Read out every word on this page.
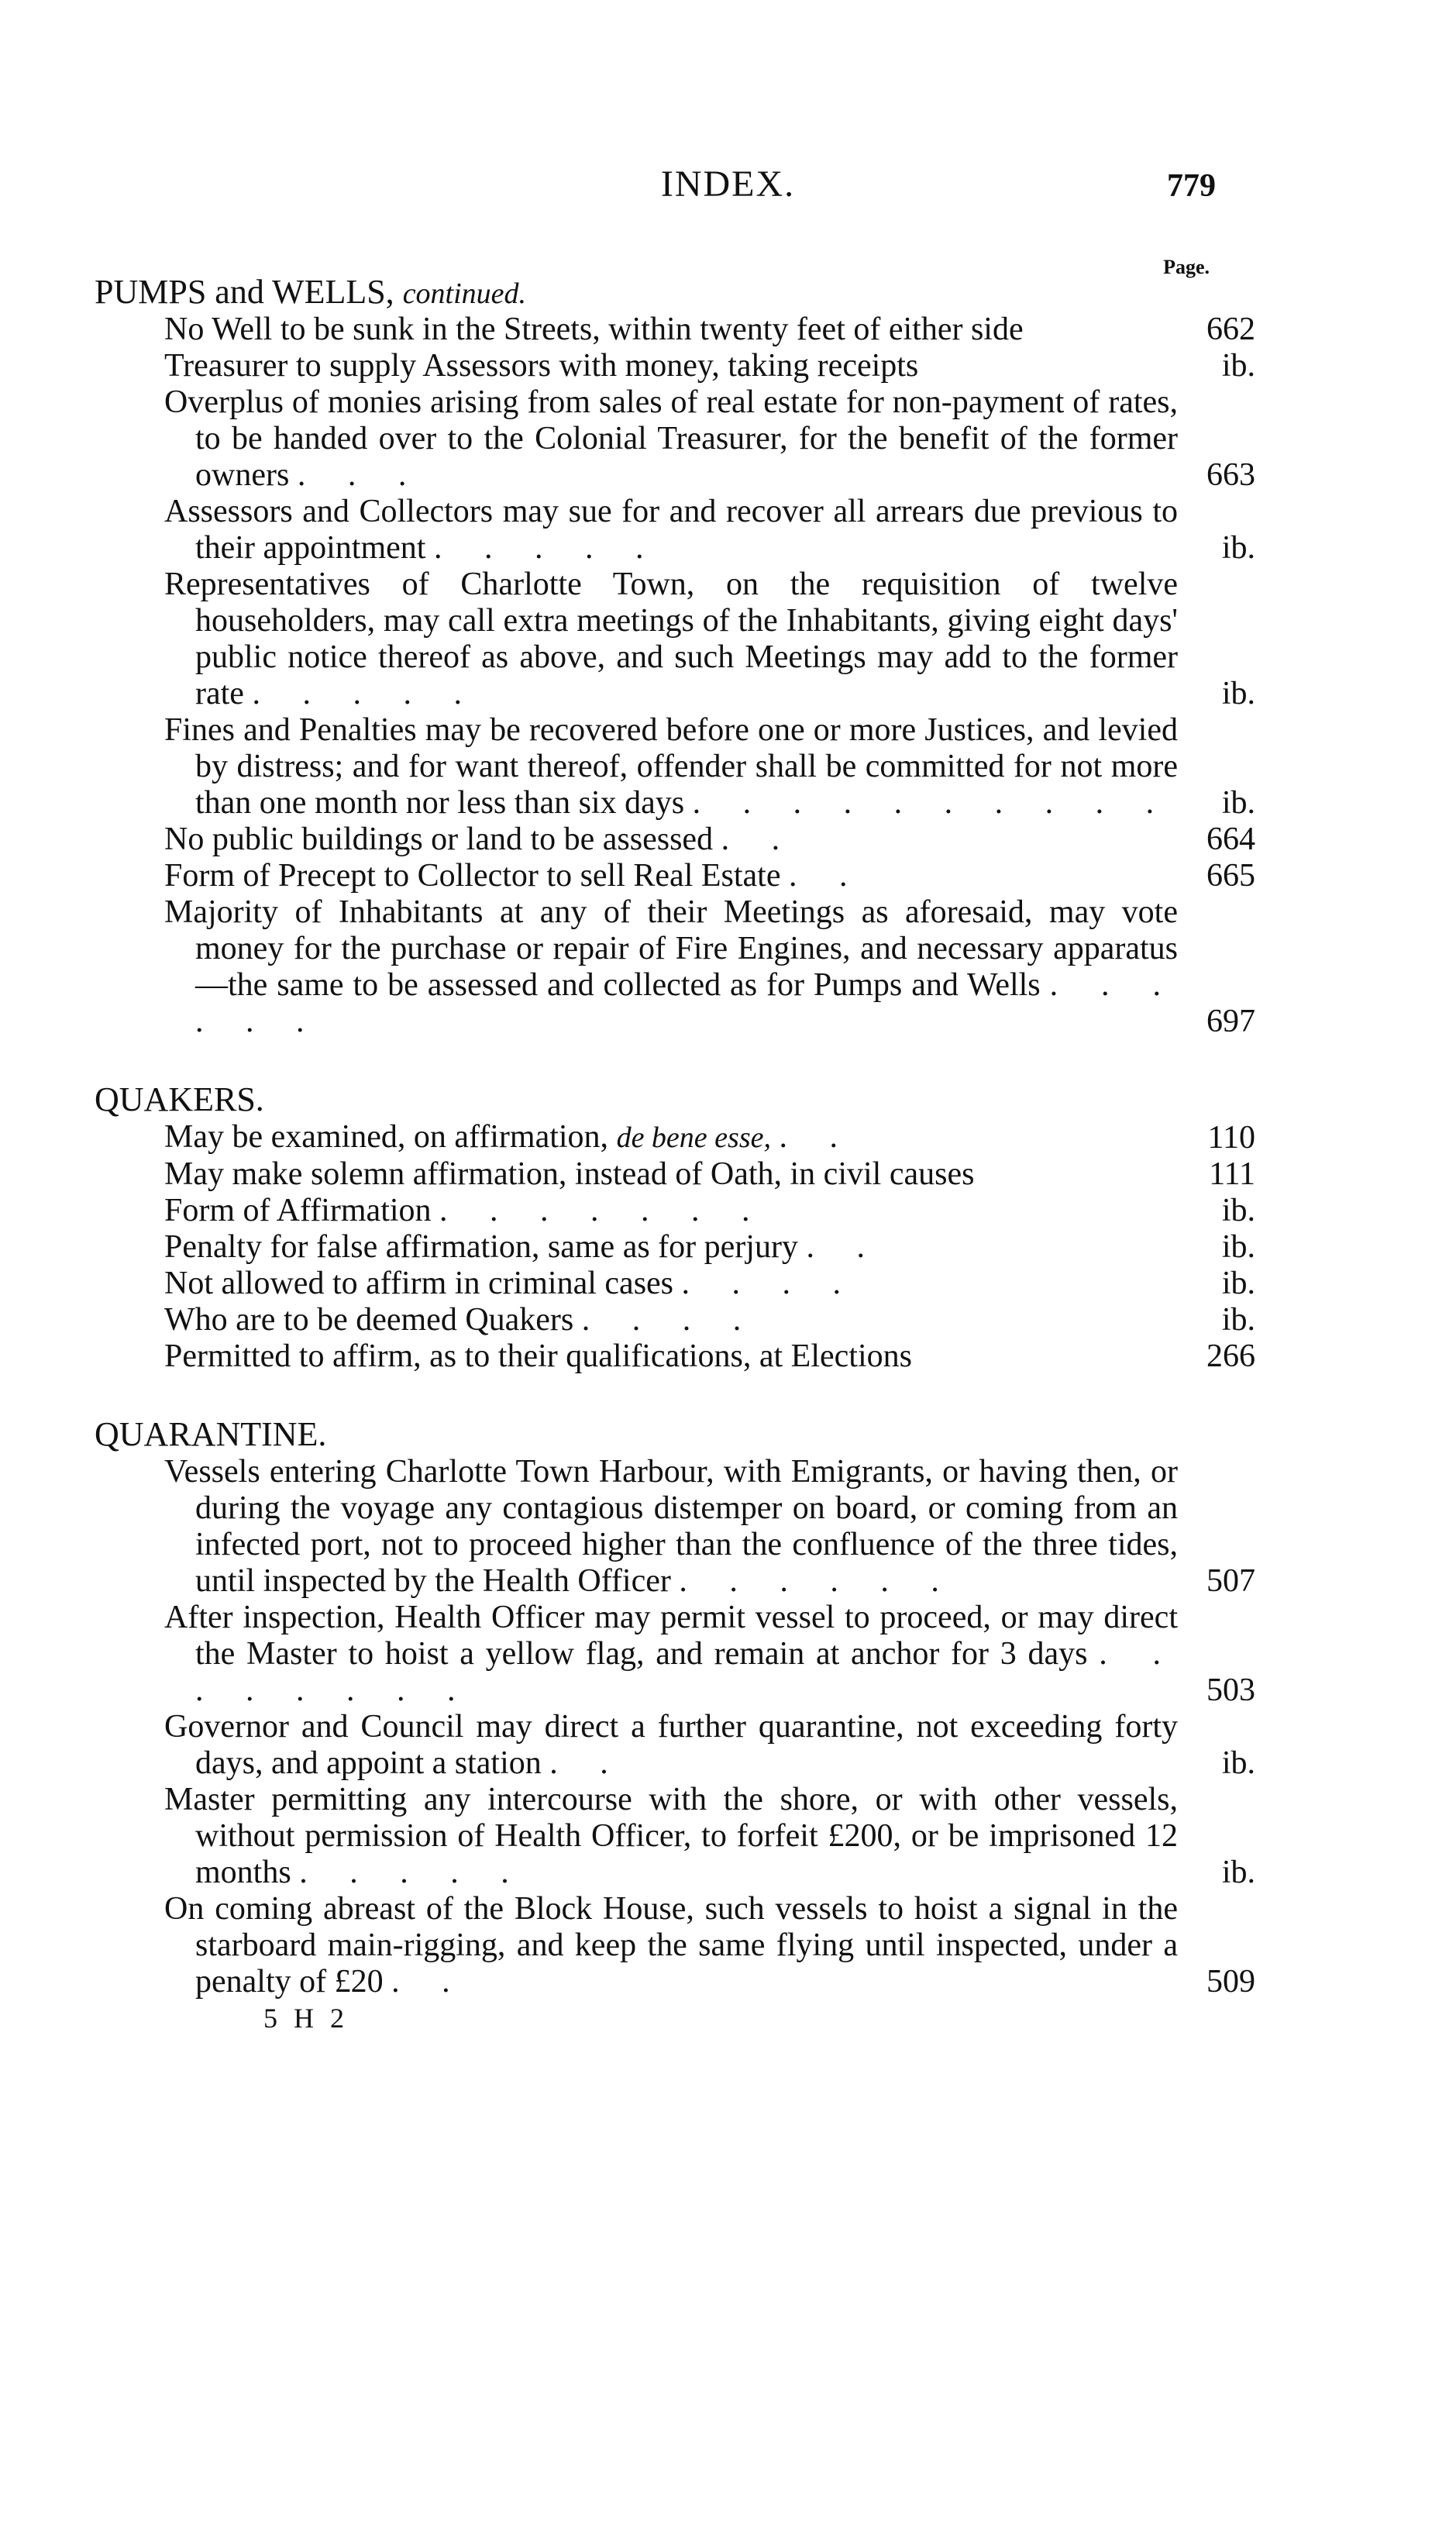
INDEX.	779
Page.
PUMPS and WELLS, continued.
No Well to be sunk in the Streets, within twenty feet of either side	662
Treasurer to supply Assessors with money, taking receipts	ib.
Overplus of monies arising from sales of real estate for non-payment of rates, to be handed over to the Colonial Treasurer, for the benefit of the former owners . . .	663
Assessors and Collectors may sue for and recover all arrears due previous to their appointment . . . . .	ib.
Representatives of Charlotte Town, on the requisition of twelve householders, may call extra meetings of the Inhabitants, giving eight days' public notice thereof as above, and such Meetings may add to the former rate . . . . .	ib.
Fines and Penalties may be recovered before one or more Justices, and levied by distress; and for want thereof, offender shall be committed for not more than one month nor less than six days . . . . . . . . . .	ib.
No public buildings or land to be assessed . .	664
Form of Precept to Collector to sell Real Estate . .	665
Majority of Inhabitants at any of their Meetings as aforesaid, may vote money for the purchase or repair of Fire Engines, and necessary apparatus—the same to be assessed and collected as for Pumps and Wells . . . . . .	697
QUAKERS.
May be examined, on affirmation, de bene esse, . .	110
May make solemn affirmation, instead of Oath, in civil causes	111
Form of Affirmation . . . . . . .	ib.
Penalty for false affirmation, same as for perjury . .	ib.
Not allowed to affirm in criminal cases . . . .	ib.
Who are to be deemed Quakers . . . .	ib.
Permitted to affirm, as to their qualifications, at Elections	266
QUARANTINE.
Vessels entering Charlotte Town Harbour, with Emigrants, or having then, or during the voyage any contagious distemper on board, or coming from an infected port, not to proceed higher than the confluence of the three tides, until inspected by the Health Officer . . . . . .	507
After inspection, Health Officer may permit vessel to proceed, or may direct the Master to hoist a yellow flag, and remain at anchor for 3 days . . . . . . . .	503
Governor and Council may direct a further quarantine, not exceeding forty days, and appoint a station . .	ib.
Master permitting any intercourse with the shore, or with other vessels, without permission of Health Officer, to forfeit £200, or be imprisoned 12 months . . . . .	ib.
On coming abreast of the Block House, such vessels to hoist a signal in the starboard main-rigging, and keep the same flying until inspected, under a penalty of £20 . .	509
5 H 2
